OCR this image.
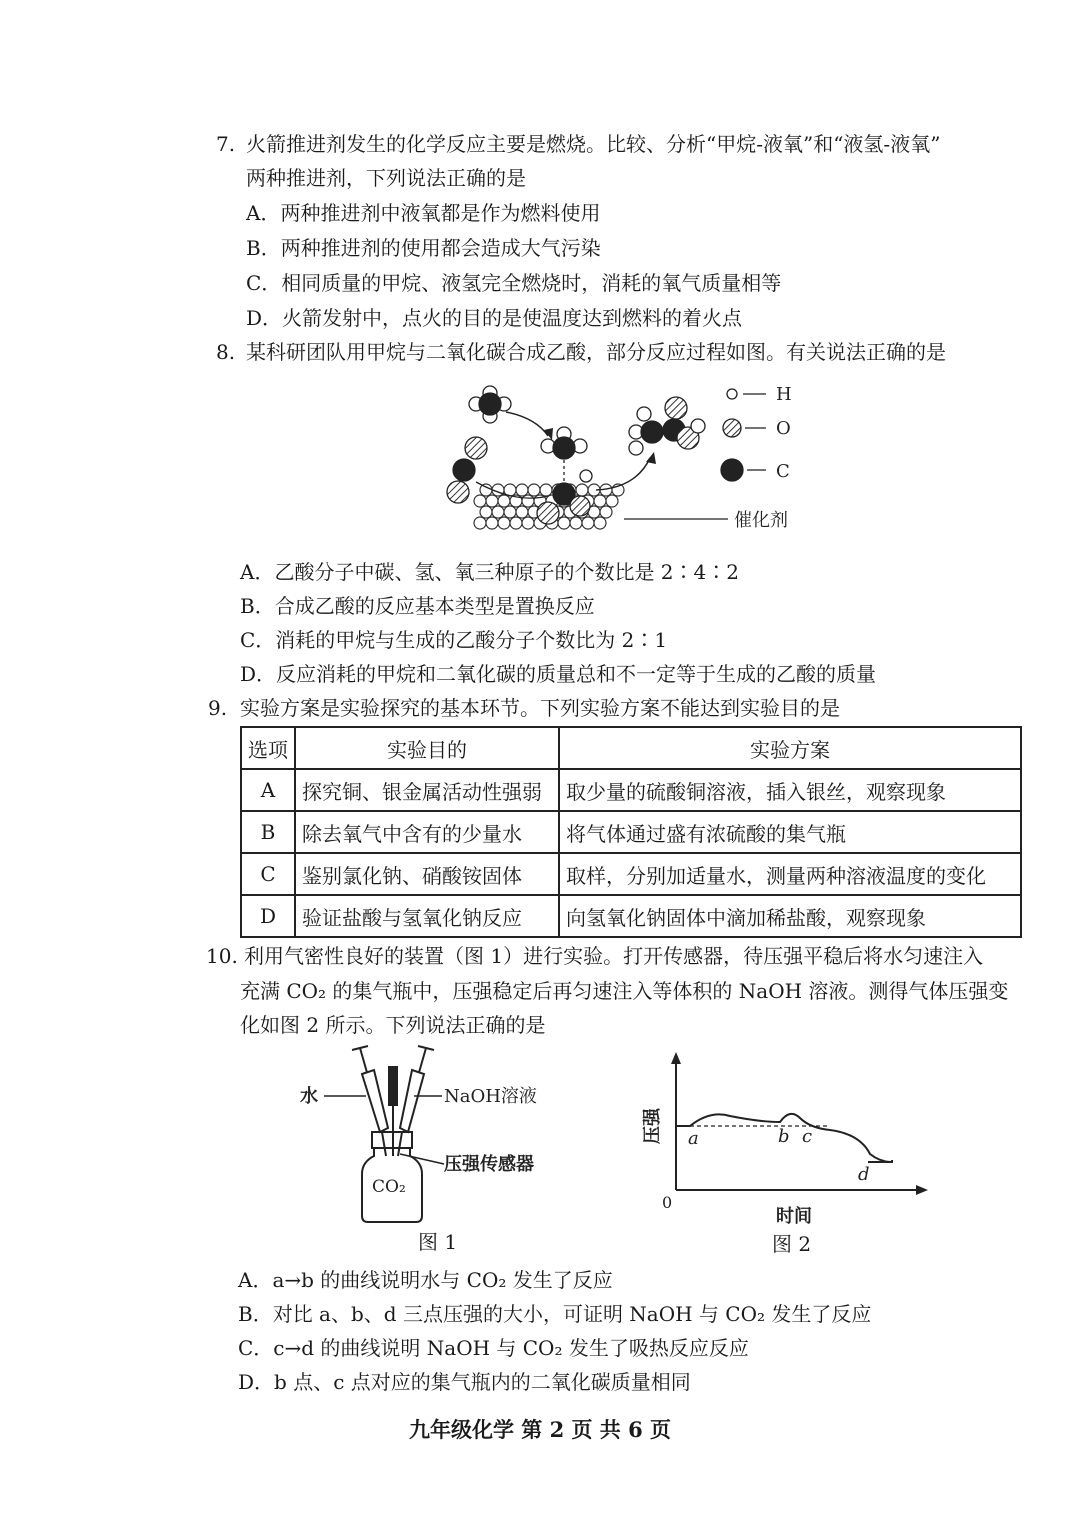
7. 火箭推进剂发生的化学反应主要是燃烧。比较、分析“甲烷-液氧”和“液氢-液氧”
两种推进剂，下列说法正确的是
A．两种推进剂中液氧都是作为燃料使用
B．两种推进剂的使用都会造成大气污染
C．相同质量的甲烷、液氢完全燃烧时，消耗的氧气质量相等
D．火箭发射中，点火的目的是使温度达到燃料的着火点
8. 某科研团队用甲烷与二氧化碳合成乙酸，部分反应过程如图。有关说法正确的是
H
O
C
催化剂
A．乙酸分子中碳、氢、氧三种原子的个数比是 2∶4∶2
B．合成乙酸的反应基本类型是置换反应
C．消耗的甲烷与生成的乙酸分子个数比为 2∶1
D．反应消耗的甲烷和二氧化碳的质量总和不一定等于生成的乙酸的质量
9. 实验方案是实验探究的基本环节。下列实验方案不能达到实验目的是
选项	实验目的	实验方案
A	探究铜、银金属活动性强弱	取少量的硫酸铜溶液，插入银丝，观察现象
B	除去氧气中含有的少量水	将气体通过盛有浓硫酸的集气瓶
C	鉴别氯化钠、硝酸铵固体	取样，分别加适量水，测量两种溶液温度的变化
D	验证盐酸与氢氧化钠反应	向氢氧化钠固体中滴加稀盐酸，观察现象
10. 利用气密性良好的装置（图 1）进行实验。打开传感器，待压强平稳后将水匀速注入
充满 CO₂ 的集气瓶中，压强稳定后再匀速注入等体积的 NaOH 溶液。测得气体压强变
化如图 2 所示。下列说法正确的是
水	NaOH溶液
压强传感器
CO₂
图 1
压强
0
时间
a	b c
d
图 2
A．a→b 的曲线说明水与 CO₂ 发生了反应
B．对比 a、b、d 三点压强的大小，可证明 NaOH 与 CO₂ 发生了反应
C．c→d 的曲线说明 NaOH 与 CO₂ 发生了吸热反应反应
D．b 点、c 点对应的集气瓶内的二氧化碳质量相同
九年级化学 第 2 页 共 6 页
